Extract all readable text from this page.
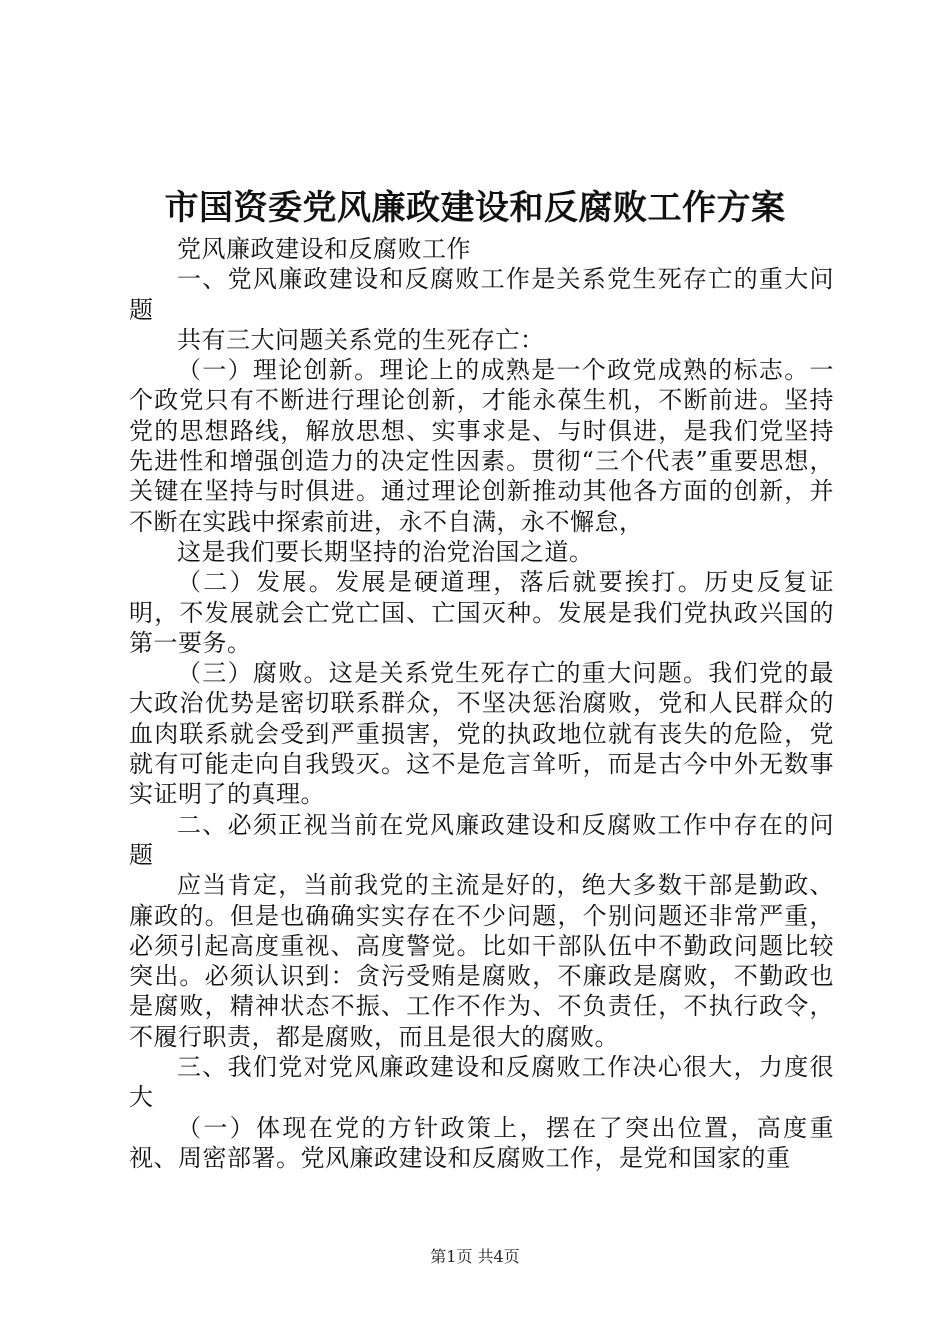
市国资委党风廉政建设和反腐败工作方案

党风廉政建设和反腐败工作

一、党风廉政建设和反腐败工作是关系党生死存亡的重大问题

共有三大问题关系党的生死存亡：

（一）理论创新。理论上的成熟是一个政党成熟的标志。一个政党只有不断进行理论创新，才能永葆生机，不断前进。坚持党的思想路线，解放思想、实事求是、与时俱进，是我们党坚持先进性和增强创造力的决定性因素。贯彻“三个代表”重要思想，关键在坚持与时俱进。通过理论创新推动其他各方面的创新，并不断在实践中探索前进，永不自满，永不懈怠，

这是我们要长期坚持的治党治国之道。

（二）发展。发展是硬道理，落后就要挨打。历史反复证明，不发展就会亡党亡国、亡国灭种。发展是我们党执政兴国的第一要务。

（三）腐败。这是关系党生死存亡的重大问题。我们党的最大政治优势是密切联系群众，不坚决惩治腐败，党和人民群众的血肉联系就会受到严重损害，党的执政地位就有丧失的危险，党就有可能走向自我毁灭。这不是危言耸听，而是古今中外无数事实证明了的真理。

二、必须正视当前在党风廉政建设和反腐败工作中存在的问题

应当肯定，当前我党的主流是好的，绝大多数干部是勤政、廉政的。但是也确确实实存在不少问题，个别问题还非常严重，必须引起高度重视、高度警觉。比如干部队伍中不勤政问题比较突出。必须认识到：贪污受贿是腐败，不廉政是腐败，不勤政也是腐败，精神状态不振、工作不作为、不负责任，不执行政令，不履行职责，都是腐败，而且是很大的腐败。

三、我们党对党风廉政建设和反腐败工作决心很大，力度很大

（一）体现在党的方针政策上，摆在了突出位置，高度重视、周密部署。党风廉政建设和反腐败工作，是党和国家的重

第1页 共4页
